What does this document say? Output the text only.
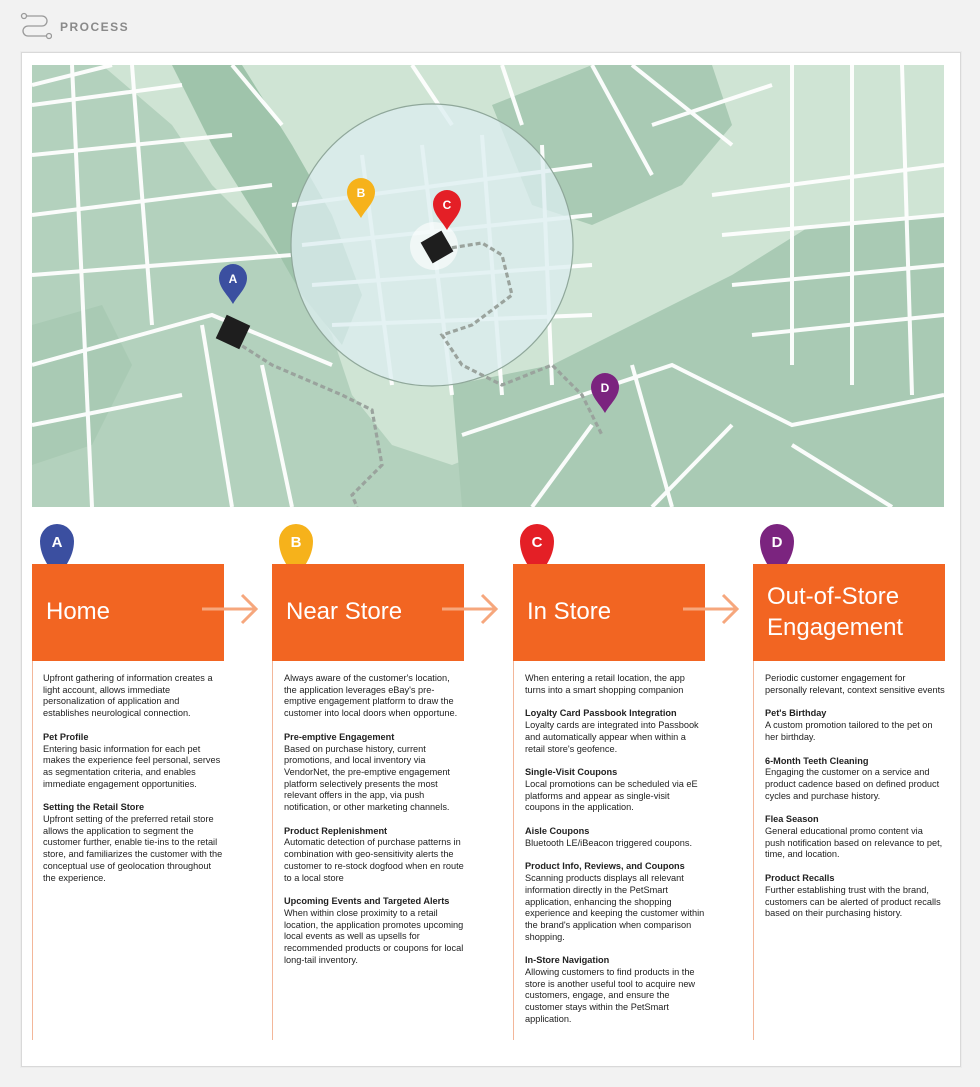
PROCESS
A
B
C
D
A
Home
B
Near Store
C
In Store
D
Out-of-Store Engagement

Upfront gathering of information creates a light account, allows immediate personalization of application and establishes neurological connection.

Pet Profile
Entering basic information for each pet makes the experience feel personal, serves as segmentation criteria, and enables immediate engagement opportunities.

Setting the Retail Store
Upfront setting of the preferred retail store allows the application to segment the customer further, enable tie-ins to the retail store, and familiarizes the customer with the conceptual use of geolocation throughout the experience.

Always aware of the customer's location, the application leverages eBay's pre-emptive engagement platform to draw the customer into local doors when opportune.

Pre-emptive Engagement
Based on purchase history, current promotions, and local inventory via VendorNet, the pre-emptive engagement platform selectively presents the most relevant offers in the app, via push notification, or other marketing channels.

Product Replenishment
Automatic detection of purchase patterns in combination with geo-sensitivity alerts the customer to re-stock dogfood when en route to a local store

Upcoming Events and Targeted Alerts
When within close proximity to a retail location, the application promotes upcoming local events as well as upsells for recommended products or coupons for local long-tail inventory.

When entering a retail location, the app turns into a smart shopping companion

Loyalty Card Passbook Integration
Loyalty cards are integrated into Passbook and automatically appear when within a retail store's geofence.

Single-Visit Coupons
Local promotions can be scheduled via eE platforms and appear as single-visit coupons in the application.

Aisle Coupons
Bluetooth LE/iBeacon triggered coupons.

Product Info, Reviews, and Coupons
Scanning products displays all relevant information directly in the PetSmart application, enhancing the shopping experience and keeping the customer within the brand's application when comparison shopping.

In-Store Navigation
Allowing customers to find products in the store is another useful tool to acquire new customers, engage, and ensure the customer stays within the PetSmart application.

Periodic customer engagement for personally relevant, context sensitive events

Pet's Birthday
A custom promotion tailored to the pet on her birthday.

6-Month Teeth Cleaning
Engaging the customer on a service and product cadence based on defined product cycles and purchase history.

Flea Season
General educational promo content via push notification based on relevance to pet, time, and location.

Product Recalls
Further establishing trust with the brand, customers can be alerted of product recalls based on their purchasing history.
